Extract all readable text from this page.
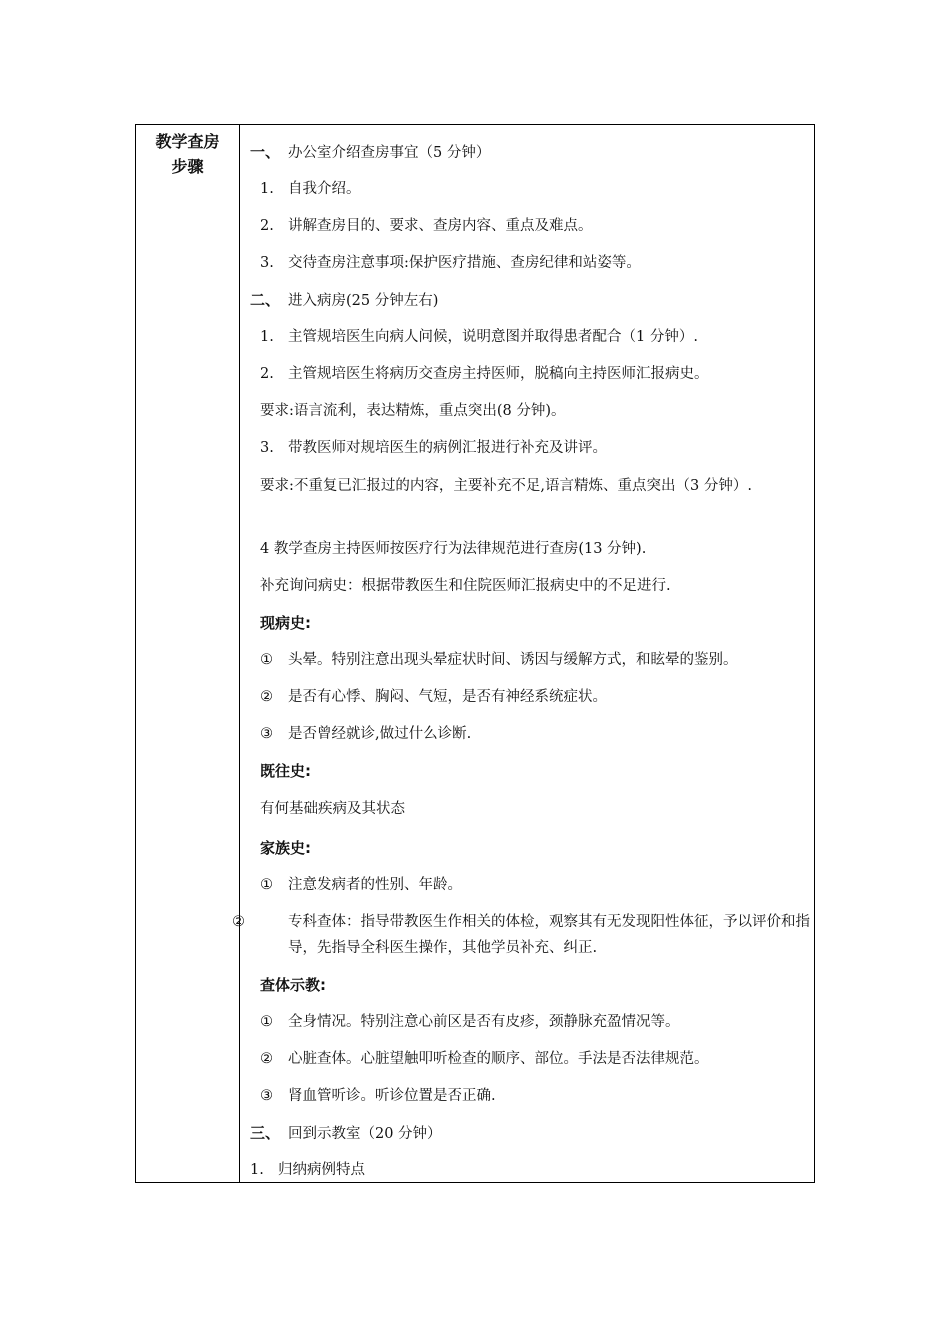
教学查房
步骤
一、 办公室介绍查房事宜（5 分钟）
1. 自我介绍。
2. 讲解查房目的、要求、查房内容、重点及难点。
3. 交待查房注意事项:保护医疗措施、查房纪律和站姿等。
二、 进入病房(25 分钟左右)
1. 主管规培医生向病人问候，说明意图并取得患者配合（1 分钟）.
2. 主管规培医生将病历交查房主持医师，脱稿向主持医师汇报病史。
要求:语言流利，表达精炼，重点突出(8 分钟)。
3. 带教医师对规培医生的病例汇报进行补充及讲评。
要求:不重复已汇报过的内容，主要补充不足,语言精炼、重点突出（3 分钟）.
4 教学查房主持医师按医疗行为法律规范进行查房(13 分钟).
补充询问病史：根据带教医生和住院医师汇报病史中的不足进行.
现病史:
① 头晕。特别注意出现头晕症状时间、诱因与缓解方式，和眩晕的鉴别。
② 是否有心悸、胸闷、气短，是否有神经系统症状。
③ 是否曾经就诊,做过什么诊断.
既往史:
有何基础疾病及其状态
家族史:
① 注意发病者的性别、年龄。
②	专科查体：指导带教医生作相关的体检，观察其有无发现阳性体征，予以评价和指导，先指导全科医生操作，其他学员补充、纠正.
查体示教:
① 全身情况。特别注意心前区是否有皮疹，颈静脉充盈情况等。
② 心脏查体。心脏望触叩听检查的顺序、部位。手法是否法律规范。
③ 肾血管听诊。听诊位置是否正确.
三、 回到示教室（20 分钟）
1. 归纳病例特点
